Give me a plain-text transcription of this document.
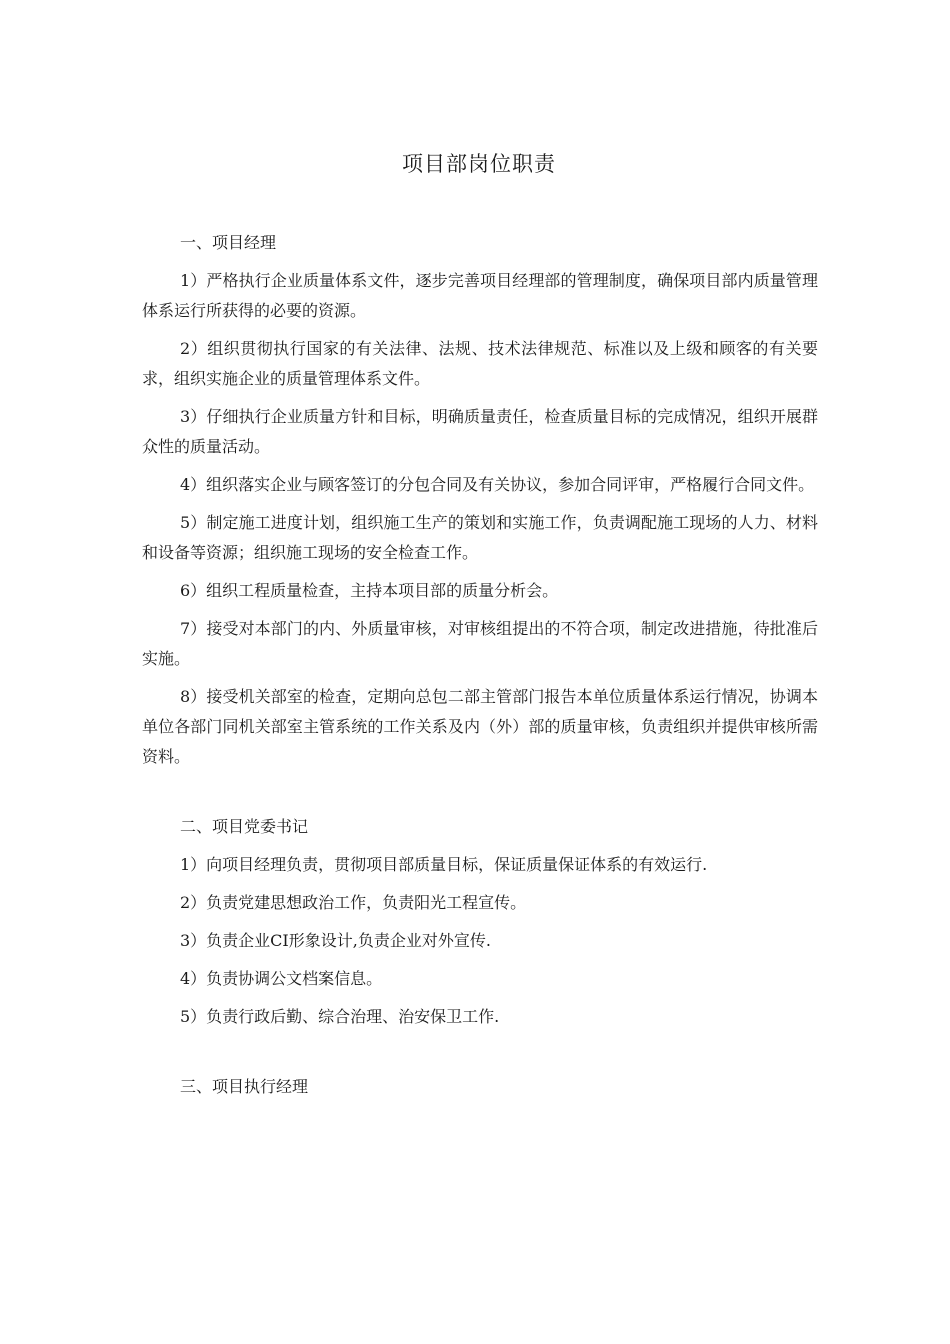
项目部岗位职责
一、项目经理
1）严格执行企业质量体系文件，逐步完善项目经理部的管理制度，确保项目部内质量管理体系运行所获得的必要的资源。
2）组织贯彻执行国家的有关法律、法规、技术法律规范、标准以及上级和顾客的有关要求，组织实施企业的质量管理体系文件。
3）仔细执行企业质量方针和目标，明确质量责任，检查质量目标的完成情况，组织开展群众性的质量活动。
4）组织落实企业与顾客签订的分包合同及有关协议，参加合同评审，严格履行合同文件。
5）制定施工进度计划，组织施工生产的策划和实施工作，负责调配施工现场的人力、材料和设备等资源；组织施工现场的安全检查工作。
6）组织工程质量检查，主持本项目部的质量分析会。
7）接受对本部门的内、外质量审核，对审核组提出的不符合项，制定改进措施，待批准后实施。
8）接受机关部室的检查，定期向总包二部主管部门报告本单位质量体系运行情况，协调本单位各部门同机关部室主管系统的工作关系及内（外）部的质量审核，负责组织并提供审核所需资料。
二、项目党委书记
1）向项目经理负责，贯彻项目部质量目标，保证质量保证体系的有效运行.
2）负责党建思想政治工作，负责阳光工程宣传。
3）负责企业CI形象设计,负责企业对外宣传.
4）负责协调公文档案信息。
5）负责行政后勤、综合治理、治安保卫工作.
三、项目执行经理
